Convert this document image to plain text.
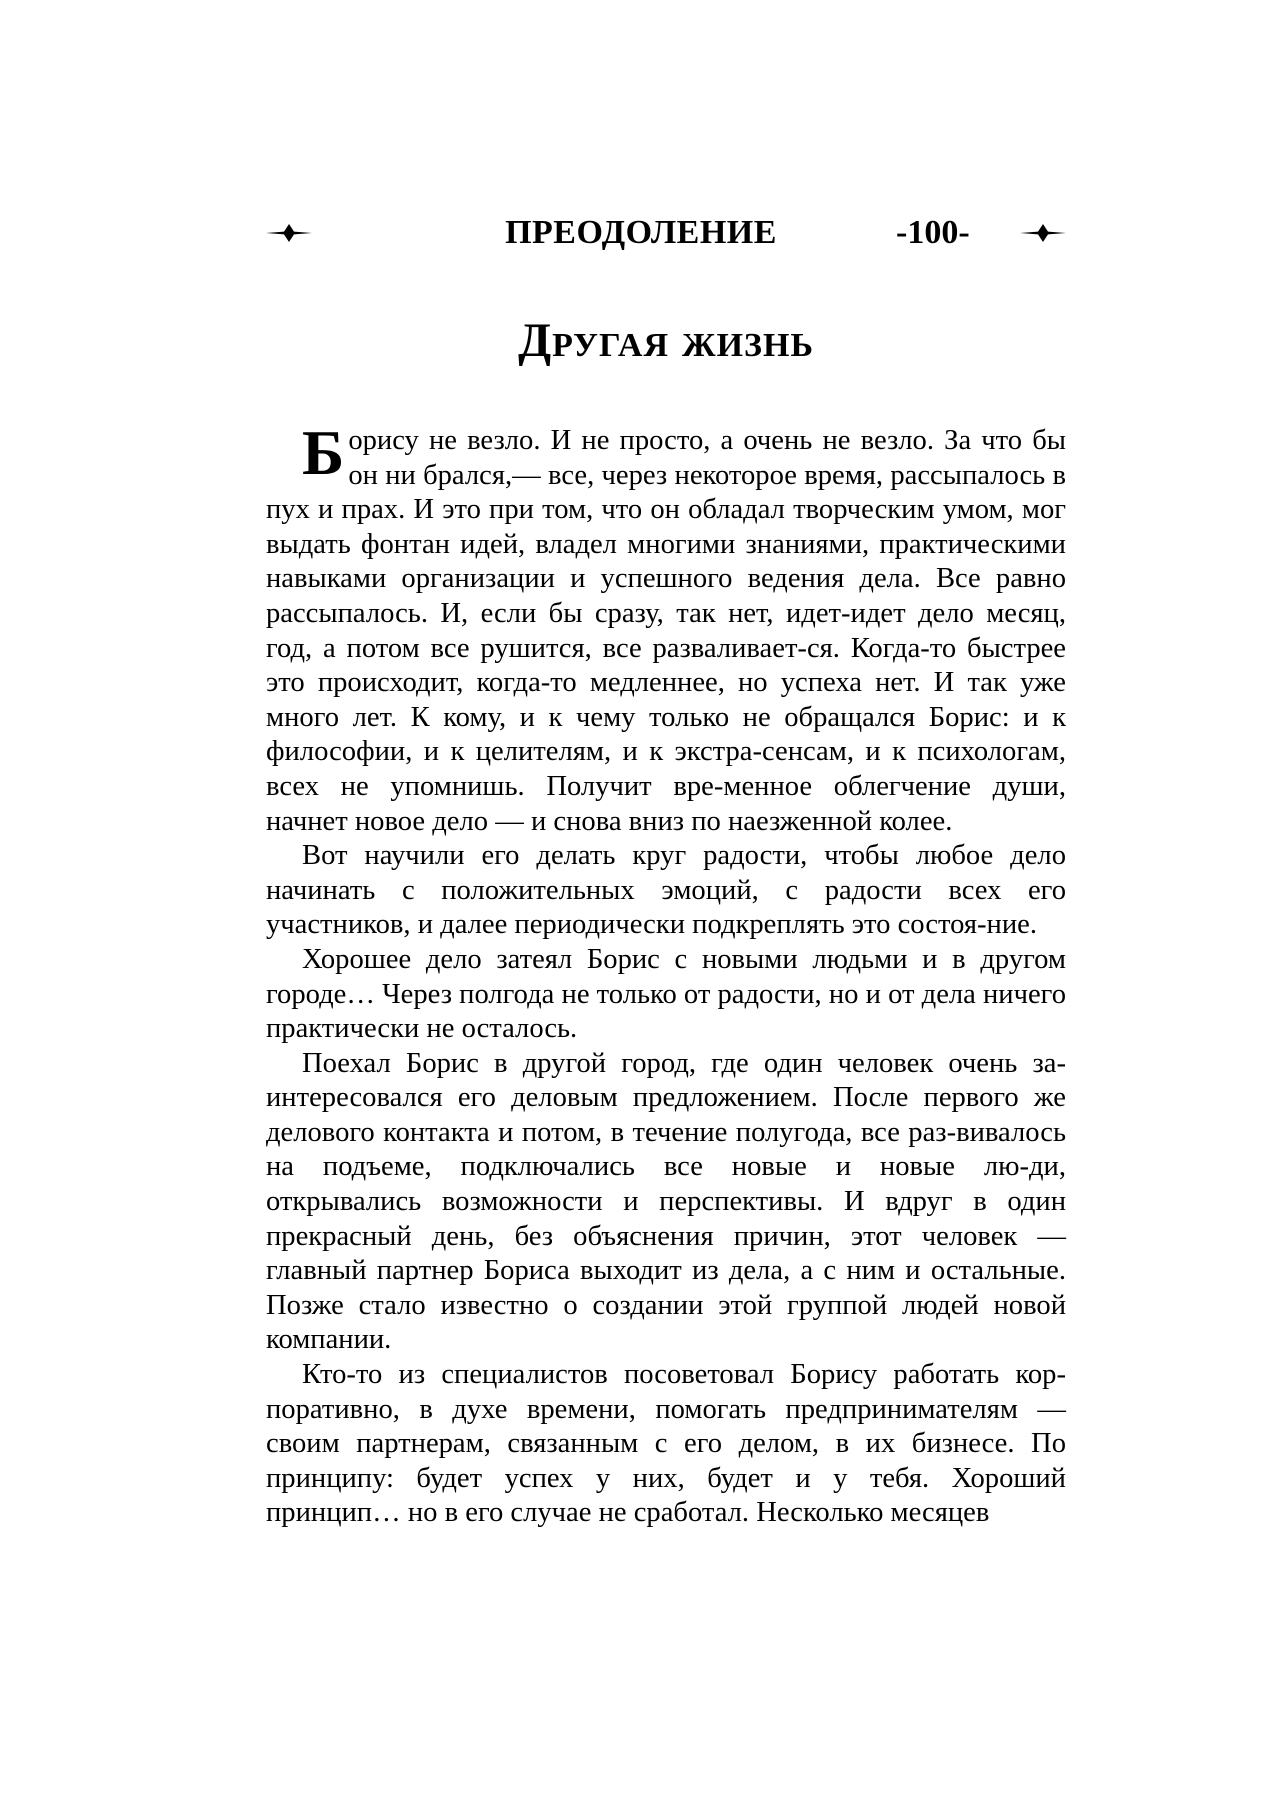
ПРЕОДОЛЕНИЕ	-100-
Другая жизнь

Борису не везло. И не просто, а очень не везло. За что бы он ни брался,— все, через некоторое время, рассыпалось в пух и прах. И это при том, что он обладал творческим умом, мог выдать фонтан идей, владел многими знаниями, практическими навыками организации и успешного ведения дела. Все равно рассыпалось. И, если бы сразу, так нет, идет-идет дело месяц, год, а потом все рушится, все разваливает-ся. Когда-то быстрее это происходит, когда-то медленнее, но успеха нет. И так уже много лет. К кому, и к чему только не обращался Борис: и к философии, и к целителям, и к экстра-сенсам, и к психологам, всех не упомнишь. Получит вре-менное облегчение души, начнет новое дело — и снова вниз по наезженной колее.

Вот научили его делать круг радости, чтобы любое дело начинать с положительных эмоций, с радости всех его участников, и далее периодически подкреплять это состоя-ние.

Хорошее дело затеял Борис с новыми людьми и в другом городе… Через полгода не только от радости, но и от дела ничего практически не осталось.

Поехал Борис в другой город, где один человек очень за-интересовался его деловым предложением. После первого же делового контакта и потом, в течение полугода, все раз-вивалось на подъеме, подключались все новые и новые лю-ди, открывались возможности и перспективы. И вдруг в один прекрасный день, без объяснения причин, этот человек — главный партнер Бориса выходит из дела, а с ним и остальные. Позже стало известно о создании этой группой людей новой компании.

Кто-то из специалистов посоветовал Борису работать кор-поративно, в духе времени, помогать предпринимателям — своим партнерам, связанным с его делом, в их бизнесе. По принципу: будет успех у них, будет и у тебя. Хороший принцип… но в его случае не сработал. Несколько месяцев
